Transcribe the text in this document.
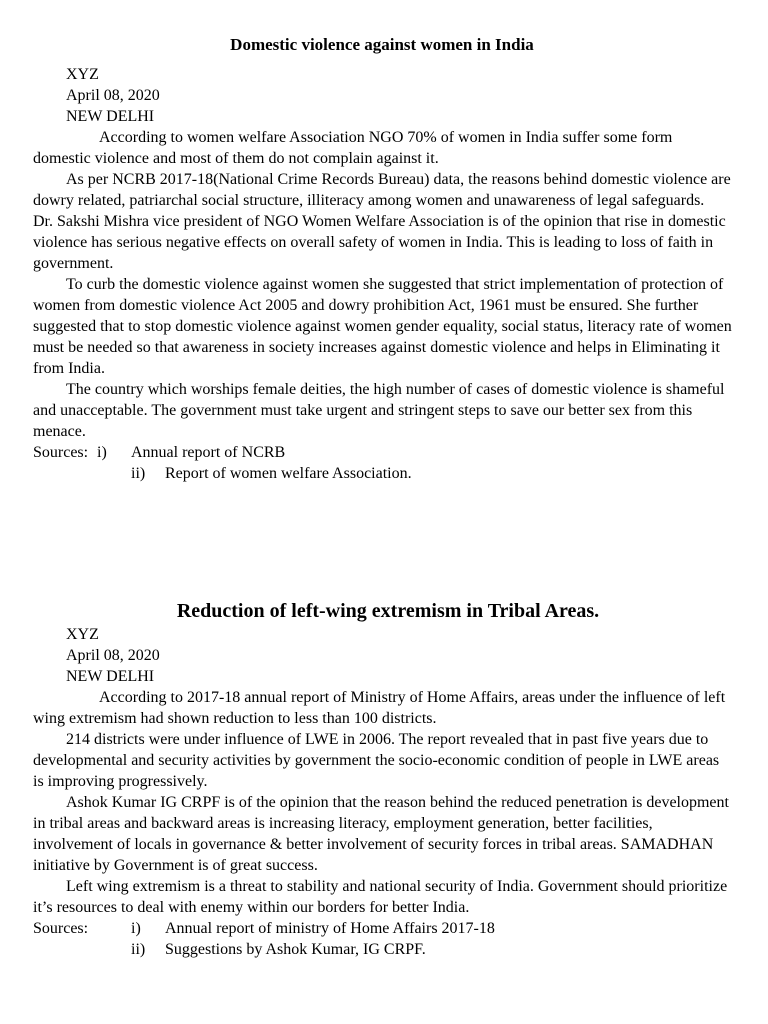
Domestic violence against women in India
XYZ
April 08, 2020
NEW DELHI

According to women welfare Association NGO 70% of women in India suffer some form domestic violence and most of them do not complain against it.

As per NCRB 2017-18(National Crime Records Bureau) data, the reasons behind domestic violence are dowry related, patriarchal social structure, illiteracy among women and unawareness of legal safeguards.

Dr. Sakshi Mishra vice president of NGO Women Welfare Association is of the opinion that rise in domestic violence has serious negative effects on overall safety of women in India. This is leading to loss of faith in government.

To curb the domestic violence against women she suggested that strict implementation of protection of women from domestic violence Act 2005 and dowry prohibition Act, 1961 must be ensured. She further suggested that to stop domestic violence against women gender equality, social status, literacy rate of women must be needed so that awareness in society increases against domestic violence and helps in Eliminating it from India.

The country which worships female deities, the high number of cases of domestic violence is shameful and unacceptable. The government must take urgent and stringent steps to save our better sex from this menace.

Sources: i)	Annual report of NCRB
ii)	Report of women welfare Association.
Reduction of left-wing extremism in Tribal Areas.
XYZ
April 08, 2020
NEW DELHI

According to 2017-18 annual report of Ministry of Home Affairs, areas under the influence of left wing extremism had shown reduction to less than 100 districts.

214 districts were under influence of LWE in 2006. The report revealed that in past five years due to developmental and security activities by government the socio-economic condition of people in LWE areas is improving progressively.

Ashok Kumar IG CRPF is of the opinion that the reason behind the reduced penetration is development in tribal areas and backward areas is increasing literacy, employment generation, better facilities, involvement of locals in governance & better involvement of security forces in tribal areas. SAMADHAN initiative by Government is of great success.

Left wing extremism is a threat to stability and national security of India. Government should prioritize it’s resources to deal with enemy within our borders for better India.

Sources:	i)	Annual report of ministry of Home Affairs 2017-18
ii)	Suggestions by Ashok Kumar, IG CRPF.
